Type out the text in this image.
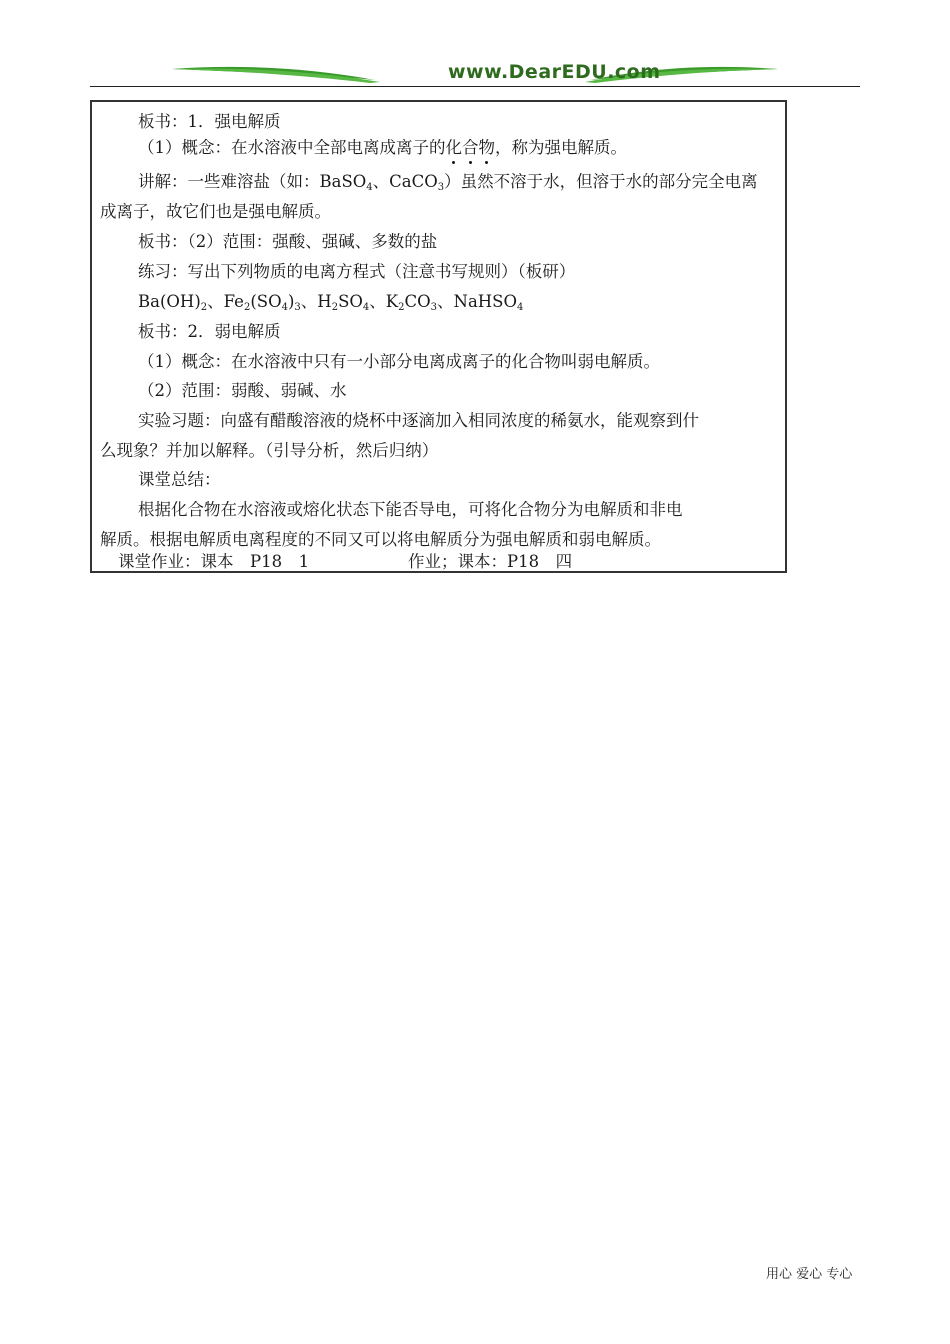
www.DearEDU.com
板书：1．强电解质
（1）概念：在水溶液中全部电离成离子的化合物，称为强电解质。
讲解：一些难溶盐（如：BaSO$_4$、CaCO$_3$）虽然不溶于水，但溶于水的部分完全电离
成离子，故它们也是强电解质。
板书：（2）范围：强酸、强碱、多数的盐
练习：写出下列物质的电离方程式（注意书写规则）（板研）
$Ba(OH)_2$、$Fe_2(SO_4)_3$、$H_2SO_4$、$K_2CO_3$、NaHSO$_4$
板书：2．弱电解质
（1）概念：在水溶液中只有一小部分电离成离子的化合物叫弱电解质。
（2）范围：弱酸、弱碱、水
实验习题：向盛有醋酸溶液的烧杯中逐滴加入相同浓度的稀氨水，能观察到什
么现象？并加以解释。（引导分析，然后归纳）
课堂总结：
根据化合物在水溶液或熔化状态下能否导电，可将化合物分为电解质和非电
解质。根据电解质电离程度的不同又可以将电解质分为强电解质和弱电解质。
课堂作业：课本　P18　1	作业；课本：P18　四
用心 爱心 专心
